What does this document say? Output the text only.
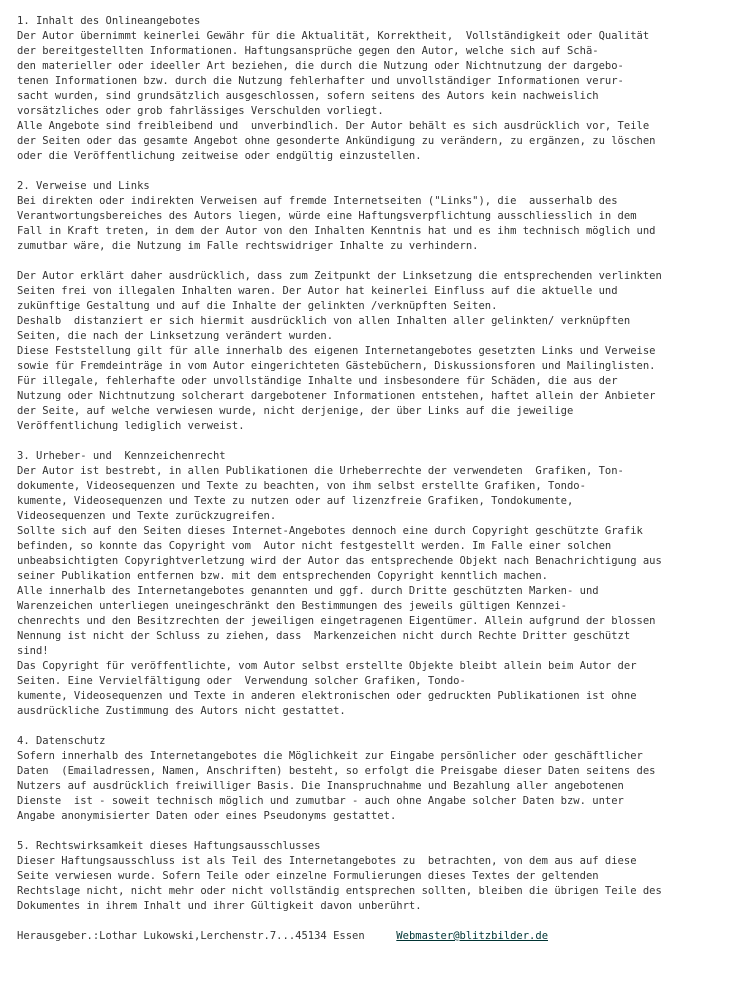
1. Inhalt des Onlineangebotes
Der Autor übernimmt keinerlei Gewähr für die Aktualität, Korrektheit,  Vollständigkeit oder Qualität
der bereitgestellten Informationen. Haftungsansprüche gegen den Autor, welche sich auf Schä-
den materieller oder ideeller Art beziehen, die durch die Nutzung oder Nichtnutzung der dargebo-
tenen Informationen bzw. durch die Nutzung fehlerhafter und unvollständiger Informationen verur-
sacht wurden, sind grundsätzlich ausgeschlossen, sofern seitens des Autors kein nachweislich
vorsätzliches oder grob fahrlässiges Verschulden vorliegt.
Alle Angebote sind freibleibend und  unverbindlich. Der Autor behält es sich ausdrücklich vor, Teile
der Seiten oder das gesamte Angebot ohne gesonderte Ankündigung zu verändern, zu ergänzen, zu löschen
oder die Veröffentlichung zeitweise oder endgültig einzustellen.

2. Verweise und Links
Bei direkten oder indirekten Verweisen auf fremde Internetseiten ("Links"), die  ausserhalb des
Verantwortungsbereiches des Autors liegen, würde eine Haftungsverpflichtung ausschliesslich in dem
Fall in Kraft treten, in dem der Autor von den Inhalten Kenntnis hat und es ihm technisch möglich und
zumutbar wäre, die Nutzung im Falle rechtswidriger Inhalte zu verhindern.

Der Autor erklärt daher ausdrücklich, dass zum Zeitpunkt der Linksetzung die entsprechenden verlinkten
Seiten frei von illegalen Inhalten waren. Der Autor hat keinerlei Einfluss auf die aktuelle und
zukünftige Gestaltung und auf die Inhalte der gelinkten /verknüpften Seiten.
Deshalb  distanziert er sich hiermit ausdrücklich von allen Inhalten aller gelinkten/ verknüpften
Seiten, die nach der Linksetzung verändert wurden.
Diese Feststellung gilt für alle innerhalb des eigenen Internetangebotes gesetzten Links und Verweise
sowie für Fremdeinträge in vom Autor eingerichteten Gästebüchern, Diskussionsforen und Mailinglisten.
Für illegale, fehlerhafte oder unvollständige Inhalte und insbesondere für Schäden, die aus der
Nutzung oder Nichtnutzung solcherart dargebotener Informationen entstehen, haftet allein der Anbieter
der Seite, auf welche verwiesen wurde, nicht derjenige, der über Links auf die jeweilige
Veröffentlichung lediglich verweist.

3. Urheber- und  Kennzeichenrecht
Der Autor ist bestrebt, in allen Publikationen die Urheberrechte der verwendeten  Grafiken, Ton-
dokumente, Videosequenzen und Texte zu beachten, von ihm selbst erstellte Grafiken, Tondo-
kumente, Videosequenzen und Texte zu nutzen oder auf lizenzfreie Grafiken, Tondokumente,
Videosequenzen und Texte zurückzugreifen.
Sollte sich auf den Seiten dieses Internet-Angebotes dennoch eine durch Copyright geschützte Grafik
befinden, so konnte das Copyright vom  Autor nicht festgestellt werden. Im Falle einer solchen
unbeabsichtigten Copyrightverletzung wird der Autor das entsprechende Objekt nach Benachrichtigung aus
seiner Publikation entfernen bzw. mit dem entsprechenden Copyright kenntlich machen.
Alle innerhalb des Internetangebotes genannten und ggf. durch Dritte geschützten Marken- und
Warenzeichen unterliegen uneingeschränkt den Bestimmungen des jeweils gültigen Kennzei-
chenrechts und den Besitzrechten der jeweiligen eingetragenen Eigentümer. Allein aufgrund der blossen
Nennung ist nicht der Schluss zu ziehen, dass  Markenzeichen nicht durch Rechte Dritter geschützt
sind!
Das Copyright für veröffentlichte, vom Autor selbst erstellte Objekte bleibt allein beim Autor der
Seiten. Eine Vervielfältigung oder  Verwendung solcher Grafiken, Tondo-
kumente, Videosequenzen und Texte in anderen elektronischen oder gedruckten Publikationen ist ohne
ausdrückliche Zustimmung des Autors nicht gestattet.

4. Datenschutz
Sofern innerhalb des Internetangebotes die Möglichkeit zur Eingabe persönlicher oder geschäftlicher
Daten  (Emailadressen, Namen, Anschriften) besteht, so erfolgt die Preisgabe dieser Daten seitens des
Nutzers auf ausdrücklich freiwilliger Basis. Die Inanspruchnahme und Bezahlung aller angebotenen
Dienste  ist - soweit technisch möglich und zumutbar - auch ohne Angabe solcher Daten bzw. unter
Angabe anonymisierter Daten oder eines Pseudonyms gestattet.

5. Rechtswirksamkeit dieses Haftungsausschlusses
Dieser Haftungsausschluss ist als Teil des Internetangebotes zu  betrachten, von dem aus auf diese
Seite verwiesen wurde. Sofern Teile oder einzelne Formulierungen dieses Textes der geltenden
Rechtslage nicht, nicht mehr oder nicht vollständig entsprechen sollten, bleiben die übrigen Teile des
Dokumentes in ihrem Inhalt und ihrer Gültigkeit davon unberührt.

Herausgeber.:Lothar Lukowski,Lerchenstr.7...45134 Essen     Webmaster@blitzbilder.de
